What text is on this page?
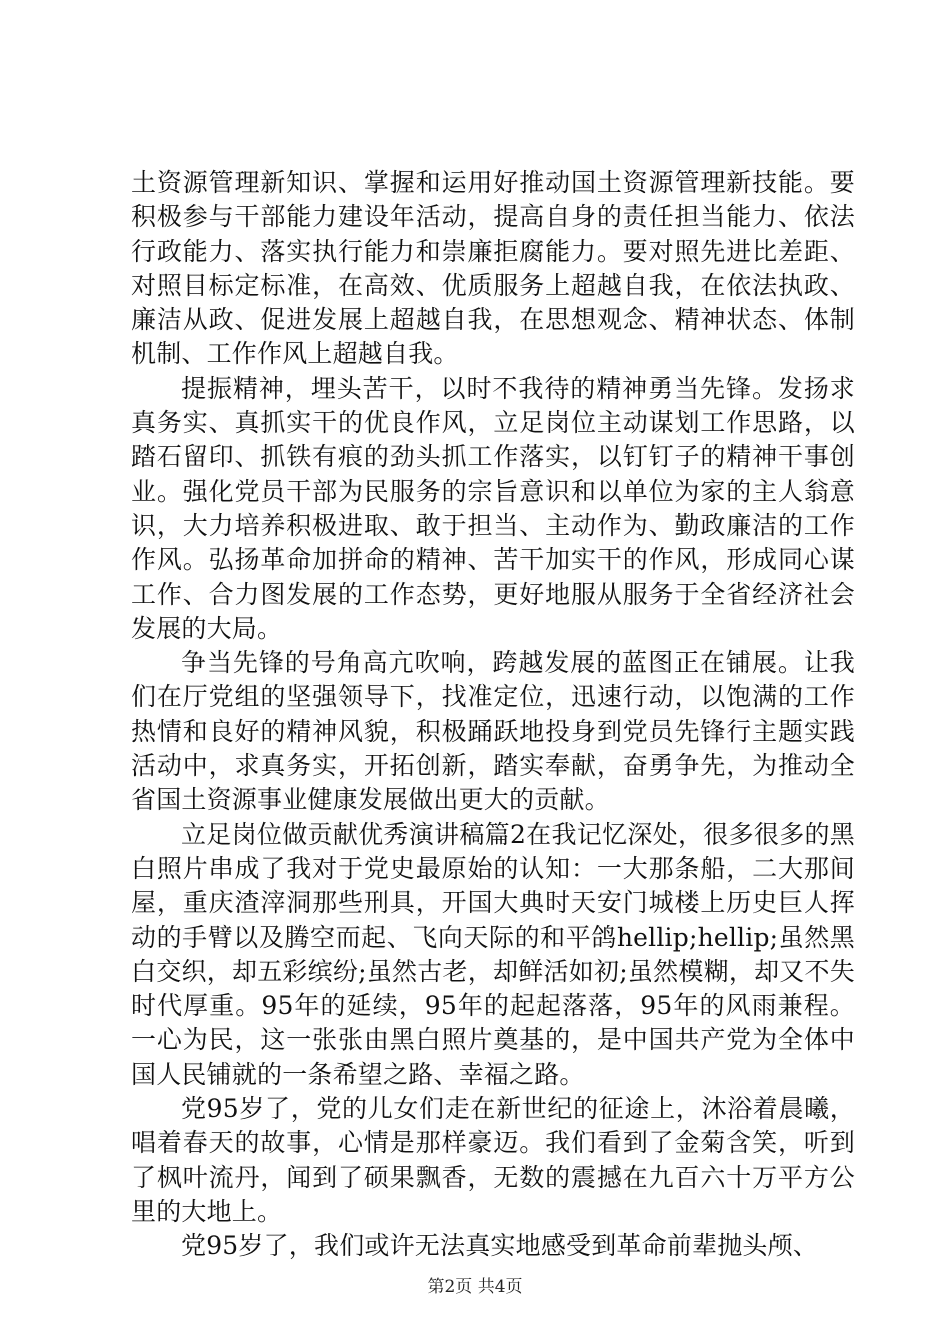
土资源管理新知识、掌握和运用好推动国土资源管理新技能。要积极参与干部能力建设年活动，提高自身的责任担当能力、依法行政能力、落实执行能力和崇廉拒腐能力。要对照先进比差距、对照目标定标准，在高效、优质服务上超越自我，在依法执政、廉洁从政、促进发展上超越自我，在思想观念、精神状态、体制机制、工作作风上超越自我。

提振精神，埋头苦干，以时不我待的精神勇当先锋。发扬求真务实、真抓实干的优良作风，立足岗位主动谋划工作思路，以踏石留印、抓铁有痕的劲头抓工作落实，以钉钉子的精神干事创业。强化党员干部为民服务的宗旨意识和以单位为家的主人翁意识，大力培养积极进取、敢于担当、主动作为、勤政廉洁的工作作风。弘扬革命加拼命的精神、苦干加实干的作风，形成同心谋工作、合力图发展的工作态势，更好地服从服务于全省经济社会发展的大局。

争当先锋的号角高亢吹响，跨越发展的蓝图正在铺展。让我们在厅党组的坚强领导下，找准定位，迅速行动，以饱满的工作热情和良好的精神风貌，积极踊跃地投身到党员先锋行主题实践活动中，求真务实，开拓创新，踏实奉献，奋勇争先，为推动全省国土资源事业健康发展做出更大的贡献。

立足岗位做贡献优秀演讲稿篇2在我记忆深处，很多很多的黑白照片串成了我对于党史最原始的认知：一大那条船，二大那间屋，重庆渣滓洞那些刑具，开国大典时天安门城楼上历史巨人挥动的手臂以及腾空而起、飞向天际的和平鸽hellip;hellip;虽然黑白交织，却五彩缤纷;虽然古老，却鲜活如初;虽然模糊，却又不失时代厚重。95年的延续，95年的起起落落，95年的风雨兼程。一心为民，这一张张由黑白照片奠基的，是中国共产党为全体中国人民铺就的一条希望之路、幸福之路。

党95岁了，党的儿女们走在新世纪的征途上，沐浴着晨曦，唱着春天的故事，心情是那样豪迈。我们看到了金菊含笑，听到了枫叶流丹，闻到了硕果飘香，无数的震撼在九百六十万平方公里的大地上。

党95岁了，我们或许无法真实地感受到革命前辈抛头颅、

第2页 共4页
